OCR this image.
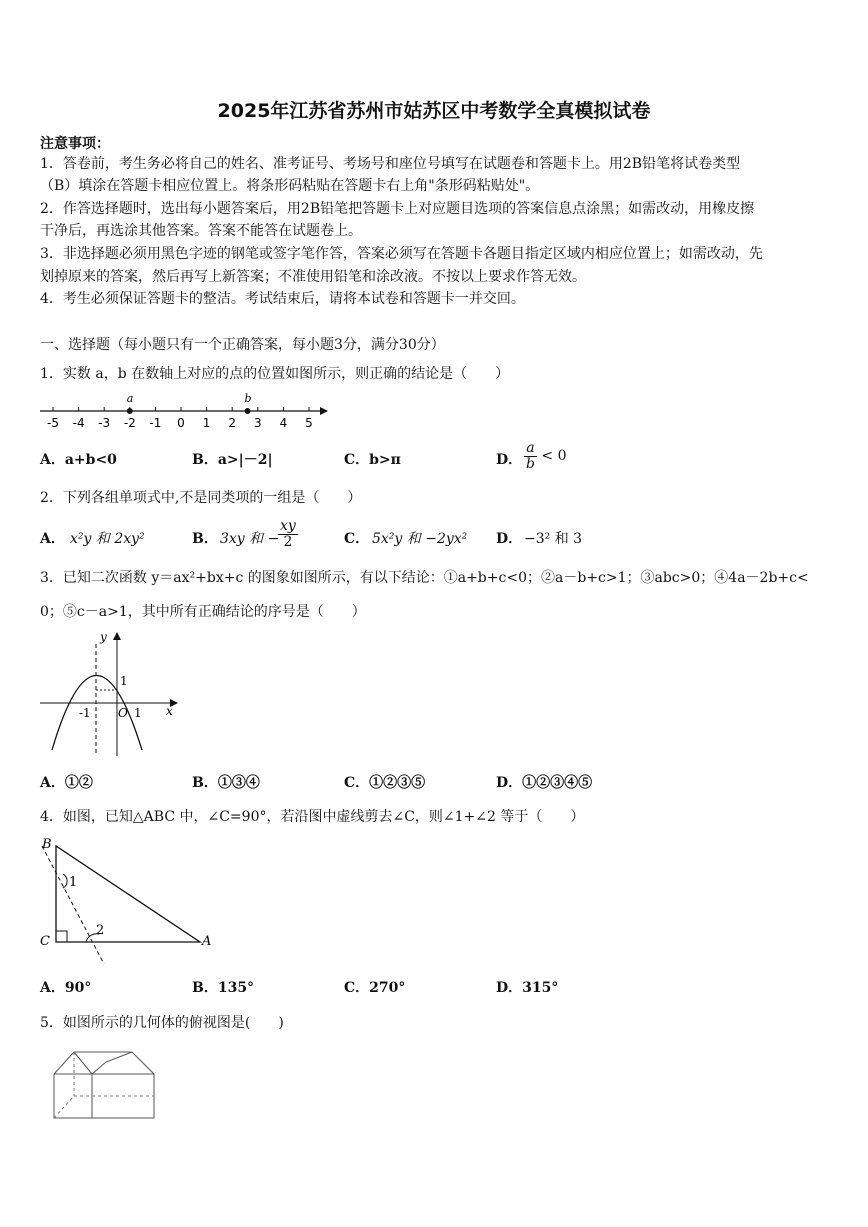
2025年江苏省苏州市姑苏区中考数学全真模拟试卷
注意事项：
1．答卷前，考生务必将自己的姓名、准考证号、考场号和座位号填写在试题卷和答题卡上。用2B铅笔将试卷类型
（B）填涂在答题卡相应位置上。将条形码粘贴在答题卡右上角"条形码粘贴处"。
2．作答选择题时，选出每小题答案后，用2B铅笔把答题卡上对应题目选项的答案信息点涂黑；如需改动，用橡皮擦
干净后，再选涂其他答案。答案不能答在试题卷上。
3．非选择题必须用黑色字迹的钢笔或签字笔作答，答案必须写在答题卡各题目指定区域内相应位置上；如需改动，先
划掉原来的答案，然后再写上新答案；不准使用铅笔和涂改液。不按以上要求作答无效。
4．考生必须保证答题卡的整洁。考试结束后，请将本试卷和答题卡一并交回。
一、选择题（每小题只有一个正确答案，每小题3分，满分30分）
1．实数 a，b 在数轴上对应的点的位置如图所示，则正确的结论是（　　）
-5 -4 -3 -2 -1 0 1 2 3 4 5
a	b
A．a+b<0	B．a>|－2|	C．b>π	D． $\frac{a}{b} < 0$
2．下列各组单项式中,不是同类项的一组是（　　）
A． x²y 和 2xy²	B． 3xy 和 −
$\frac{xy}{2}$	C． 5x²y 和 −2yx² D． −3² 和 3
3．已知二次函数 y＝ax²+bx+c 的图象如图所示，有以下结论：①a+b+c<0；②a－b+c>1；③abc>0；④4a－2b+c<
0；⑤c－a>1，其中所有正确结论的序号是（　　）
y
x
1
-1 O 1
A．①②	B．①③④	C．①②③⑤	D．①②③④⑤
4．如图，已知△ABC 中，∠C=90°，若沿图中虚线剪去∠C，则∠1+∠2 等于（　　）
B
C	A
1
2
A．90°	B．135°	C．270°	D．315°
5．如图所示的几何体的俯视图是(　　)
